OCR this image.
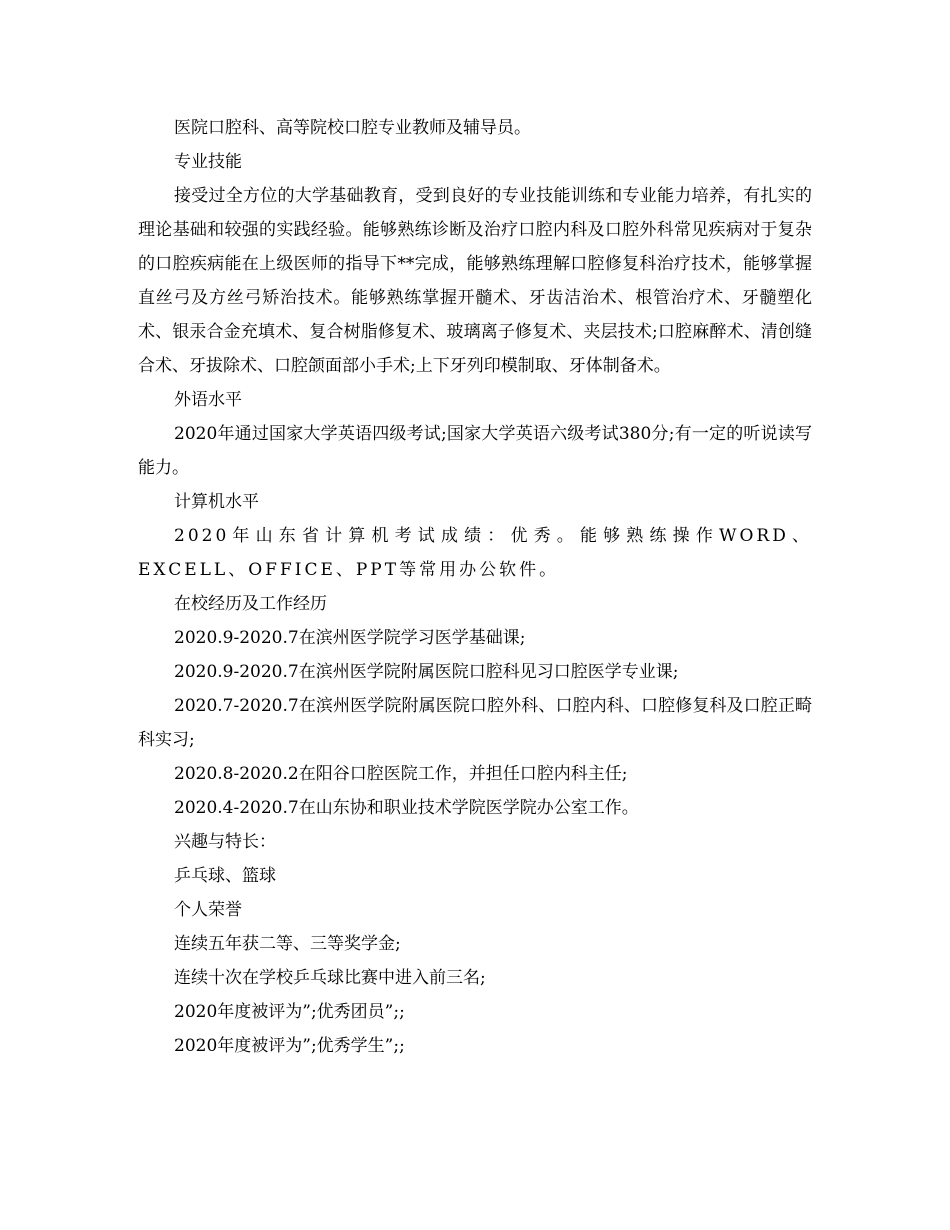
医院口腔科、高等院校口腔专业教师及辅导员。

专业技能

接受过全方位的大学基础教育，受到良好的专业技能训练和专业能力培养，有扎实的理论基础和较强的实践经验。能够熟练诊断及治疗口腔内科及口腔外科常见疾病对于复杂的口腔疾病能在上级医师的指导下**完成，能够熟练理解口腔修复科治疗技术，能够掌握直丝弓及方丝弓矫治技术。能够熟练掌握开髓术、牙齿洁治术、根管治疗术、牙髓塑化术、银汞合金充填术、复合树脂修复术、玻璃离子修复术、夹层技术;口腔麻醉术、清创缝合术、牙拔除术、口腔颌面部小手术;上下牙列印模制取、牙体制备术。

外语水平

2020年通过国家大学英语四级考试;国家大学英语六级考试380分;有一定的听说读写能力。

计算机水平

2020年山东省计算机考试成绩：优秀。能够熟练操作WORD、EXCELL、OFFICE、PPT等常用办公软件。

在校经历及工作经历

2020.9-2020.7在滨州医学院学习医学基础课;

2020.9-2020.7在滨州医学院附属医院口腔科见习口腔医学专业课;

2020.7-2020.7在滨州医学院附属医院口腔外科、口腔内科、口腔修复科及口腔正畸科实习;

2020.8-2020.2在阳谷口腔医院工作，并担任口腔内科主任;

2020.4-2020.7在山东协和职业技术学院医学院办公室工作。

兴趣与特长：

乒乓球、篮球

个人荣誉

连续五年获二等、三等奖学金;

连续十次在学校乒乓球比赛中进入前三名;

2020年度被评为”;优秀团员”;;

2020年度被评为”;优秀学生”;;
